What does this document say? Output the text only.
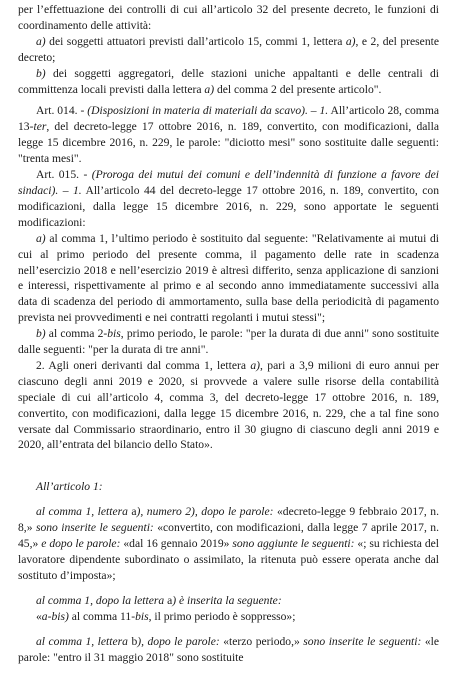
per l’effettuazione dei controlli di cui all’articolo 32 del presente decreto, le funzioni di coordinamento delle attività:

a) dei soggetti attuatori previsti dall’articolo 15, commi 1, lettera a), e 2, del presente decreto;

b) dei soggetti aggregatori, delle stazioni uniche appaltanti e delle centrali di committenza locali previsti dalla lettera a) del comma 2 del presente articolo".

Art. 014. - (Disposizioni in materia di materiali da scavo). – 1. All’articolo 28, comma 13-ter, del decreto-legge 17 ottobre 2016, n. 189, convertito, con modificazioni, dalla legge 15 dicembre 2016, n. 229, le parole: "diciotto mesi" sono sostituite dalle seguenti: "trenta mesi".

Art. 015. - (Proroga dei mutui dei comuni e dell’indennità di funzione a favore dei sindaci). – 1. All’articolo 44 del decreto-legge 17 ottobre 2016, n. 189, convertito, con modificazioni, dalla legge 15 dicembre 2016, n. 229, sono apportate le seguenti modificazioni:

a) al comma 1, l’ultimo periodo è sostituito dal seguente: "Relativamente ai mutui di cui al primo periodo del presente comma, il pagamento delle rate in scadenza nell’esercizio 2018 e nell’esercizio 2019 è altresì differito, senza applicazione di sanzioni e interessi, rispettivamente al primo e al secondo anno immediatamente successivi alla data di scadenza del periodo di ammortamento, sulla base della periodicità di pagamento prevista nei provvedimenti e nei contratti regolanti i mutui stessi";

b) al comma 2-bis, primo periodo, le parole: "per la durata di due anni" sono sostituite dalle seguenti: "per la durata di tre anni".

2. Agli oneri derivanti dal comma 1, lettera a), pari a 3,9 milioni di euro annui per ciascuno degli anni 2019 e 2020, si provvede a valere sulle risorse della contabilità speciale di cui all’articolo 4, comma 3, del decreto-legge 17 ottobre 2016, n. 189, convertito, con modificazioni, dalla legge 15 dicembre 2016, n. 229, che a tal fine sono versate dal Commissario straordinario, entro il 30 giugno di ciascuno degli anni 2019 e 2020, all’entrata del bilancio dello Stato».

All’articolo 1:

al comma 1, lettera a), numero 2), dopo le parole: «decreto-legge 9 febbraio 2017, n. 8,» sono inserite le seguenti: «convertito, con modificazioni, dalla legge 7 aprile 2017, n. 45,» e dopo le parole: «dal 16 gennaio 2019» sono aggiunte le seguenti: «; su richiesta del lavoratore dipendente subordinato o assimilato, la ritenuta può essere operata anche dal sostituto d’imposta»;

al comma 1, dopo la lettera a) è inserita la seguente:

«a-bis) al comma 11-bis, il primo periodo è soppresso»;

al comma 1, lettera b), dopo le parole: «terzo periodo,» sono inserite le seguenti: «le parole: "entro il 31 maggio 2018" sono sostituite
